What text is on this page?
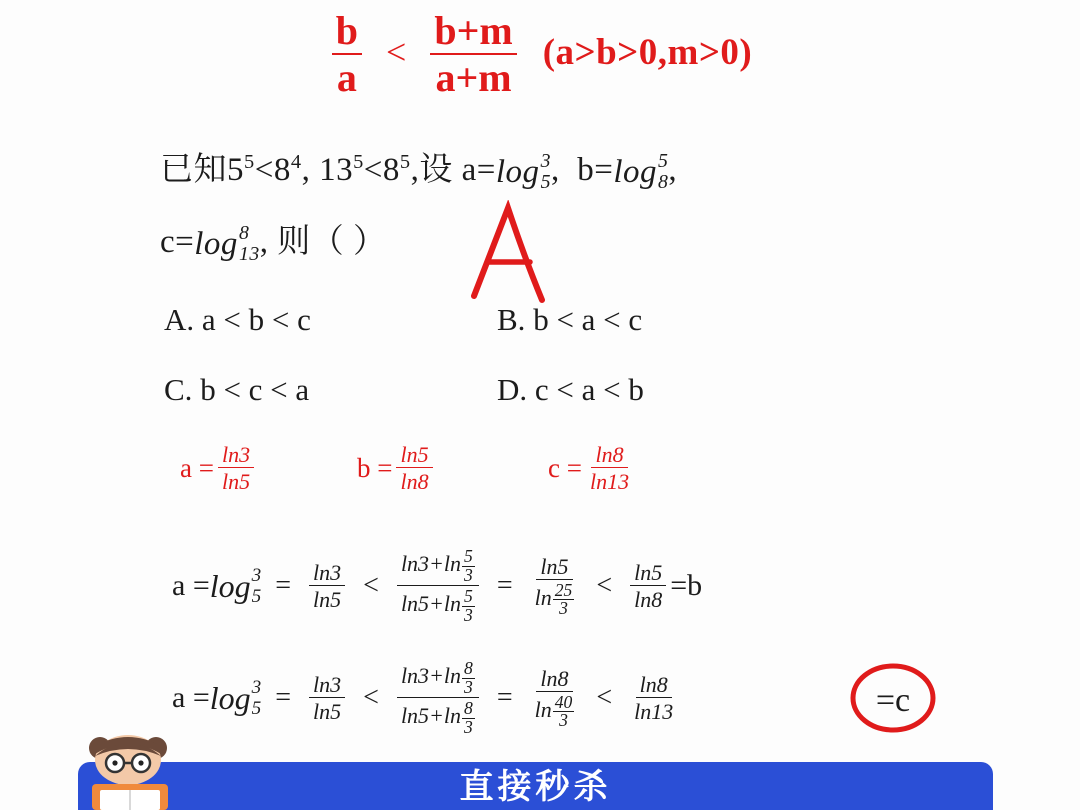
$\frac{b}{a} < \frac{b+m}{a+m} (a>b>0,m>0)$
已知$5^5<8^4$, $13^5<8^5$,设 a= log 3
5 ,  b= log 5
8 ,
c= log 8
13 , 则（ ）
A. a < b < c	B. b < a < c
C. b < c < a	D. c < a < b
$a = \frac{\ln 3}{\ln 5}$	$b = \frac{\ln 5}{\ln 8}$	$c = \frac{\ln 8}{\ln 13}$
a = log 3
$5 = \frac{\ln 3}{\ln 5} < \frac{\ln 3+\ln \frac{5}{3}}{\ln 5+\ln \frac{5}{3}} = \frac{\ln 5}{\ln \frac{25}{3}} < \frac{\ln 5}{\ln 8} =b$
a = log 3
$5 = \frac{\ln 3}{\ln 5} < \frac{\ln 3+\ln \frac{8}{3}}{\ln 5+\ln \frac{8}{3}} = \frac{\ln 8}{\ln \frac{40}{3}} < \frac{\ln 8}{\ln 13}$	=c
直接秒杀
